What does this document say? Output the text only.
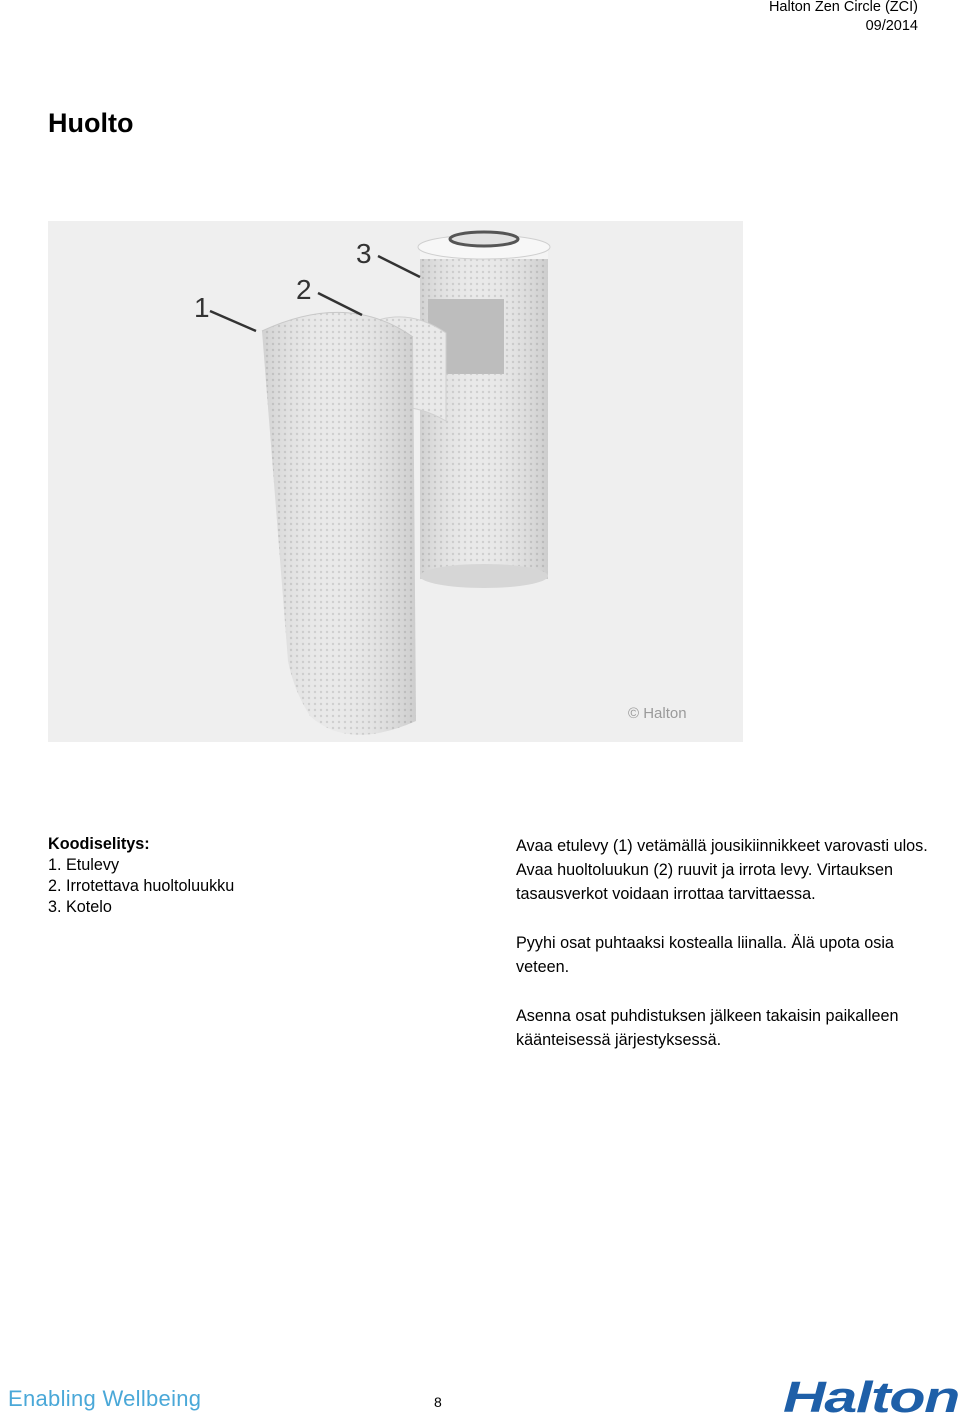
Halton Zen Circle (ZCI)
09/2014
Huolto
1
2
3
© Halton
Koodiselitys:
1. Etulevy
2. Irrotettava huoltoluukku
3. Kotelo

Avaa etulevy (1) vetämällä jousikiinnikkeet varovasti ulos. Avaa huoltoluukun (2) ruuvit ja irrota levy. Virtauksen tasausverkot voidaan irrottaa tarvittaessa.

Pyyhi osat puhtaaksi kostealla liinalla. Älä upota osia veteen.

Asenna osat puhdistuksen jälkeen takaisin paikalleen käänteisessä järjestyksessä.

Enabling Wellbeing	8	Halton
